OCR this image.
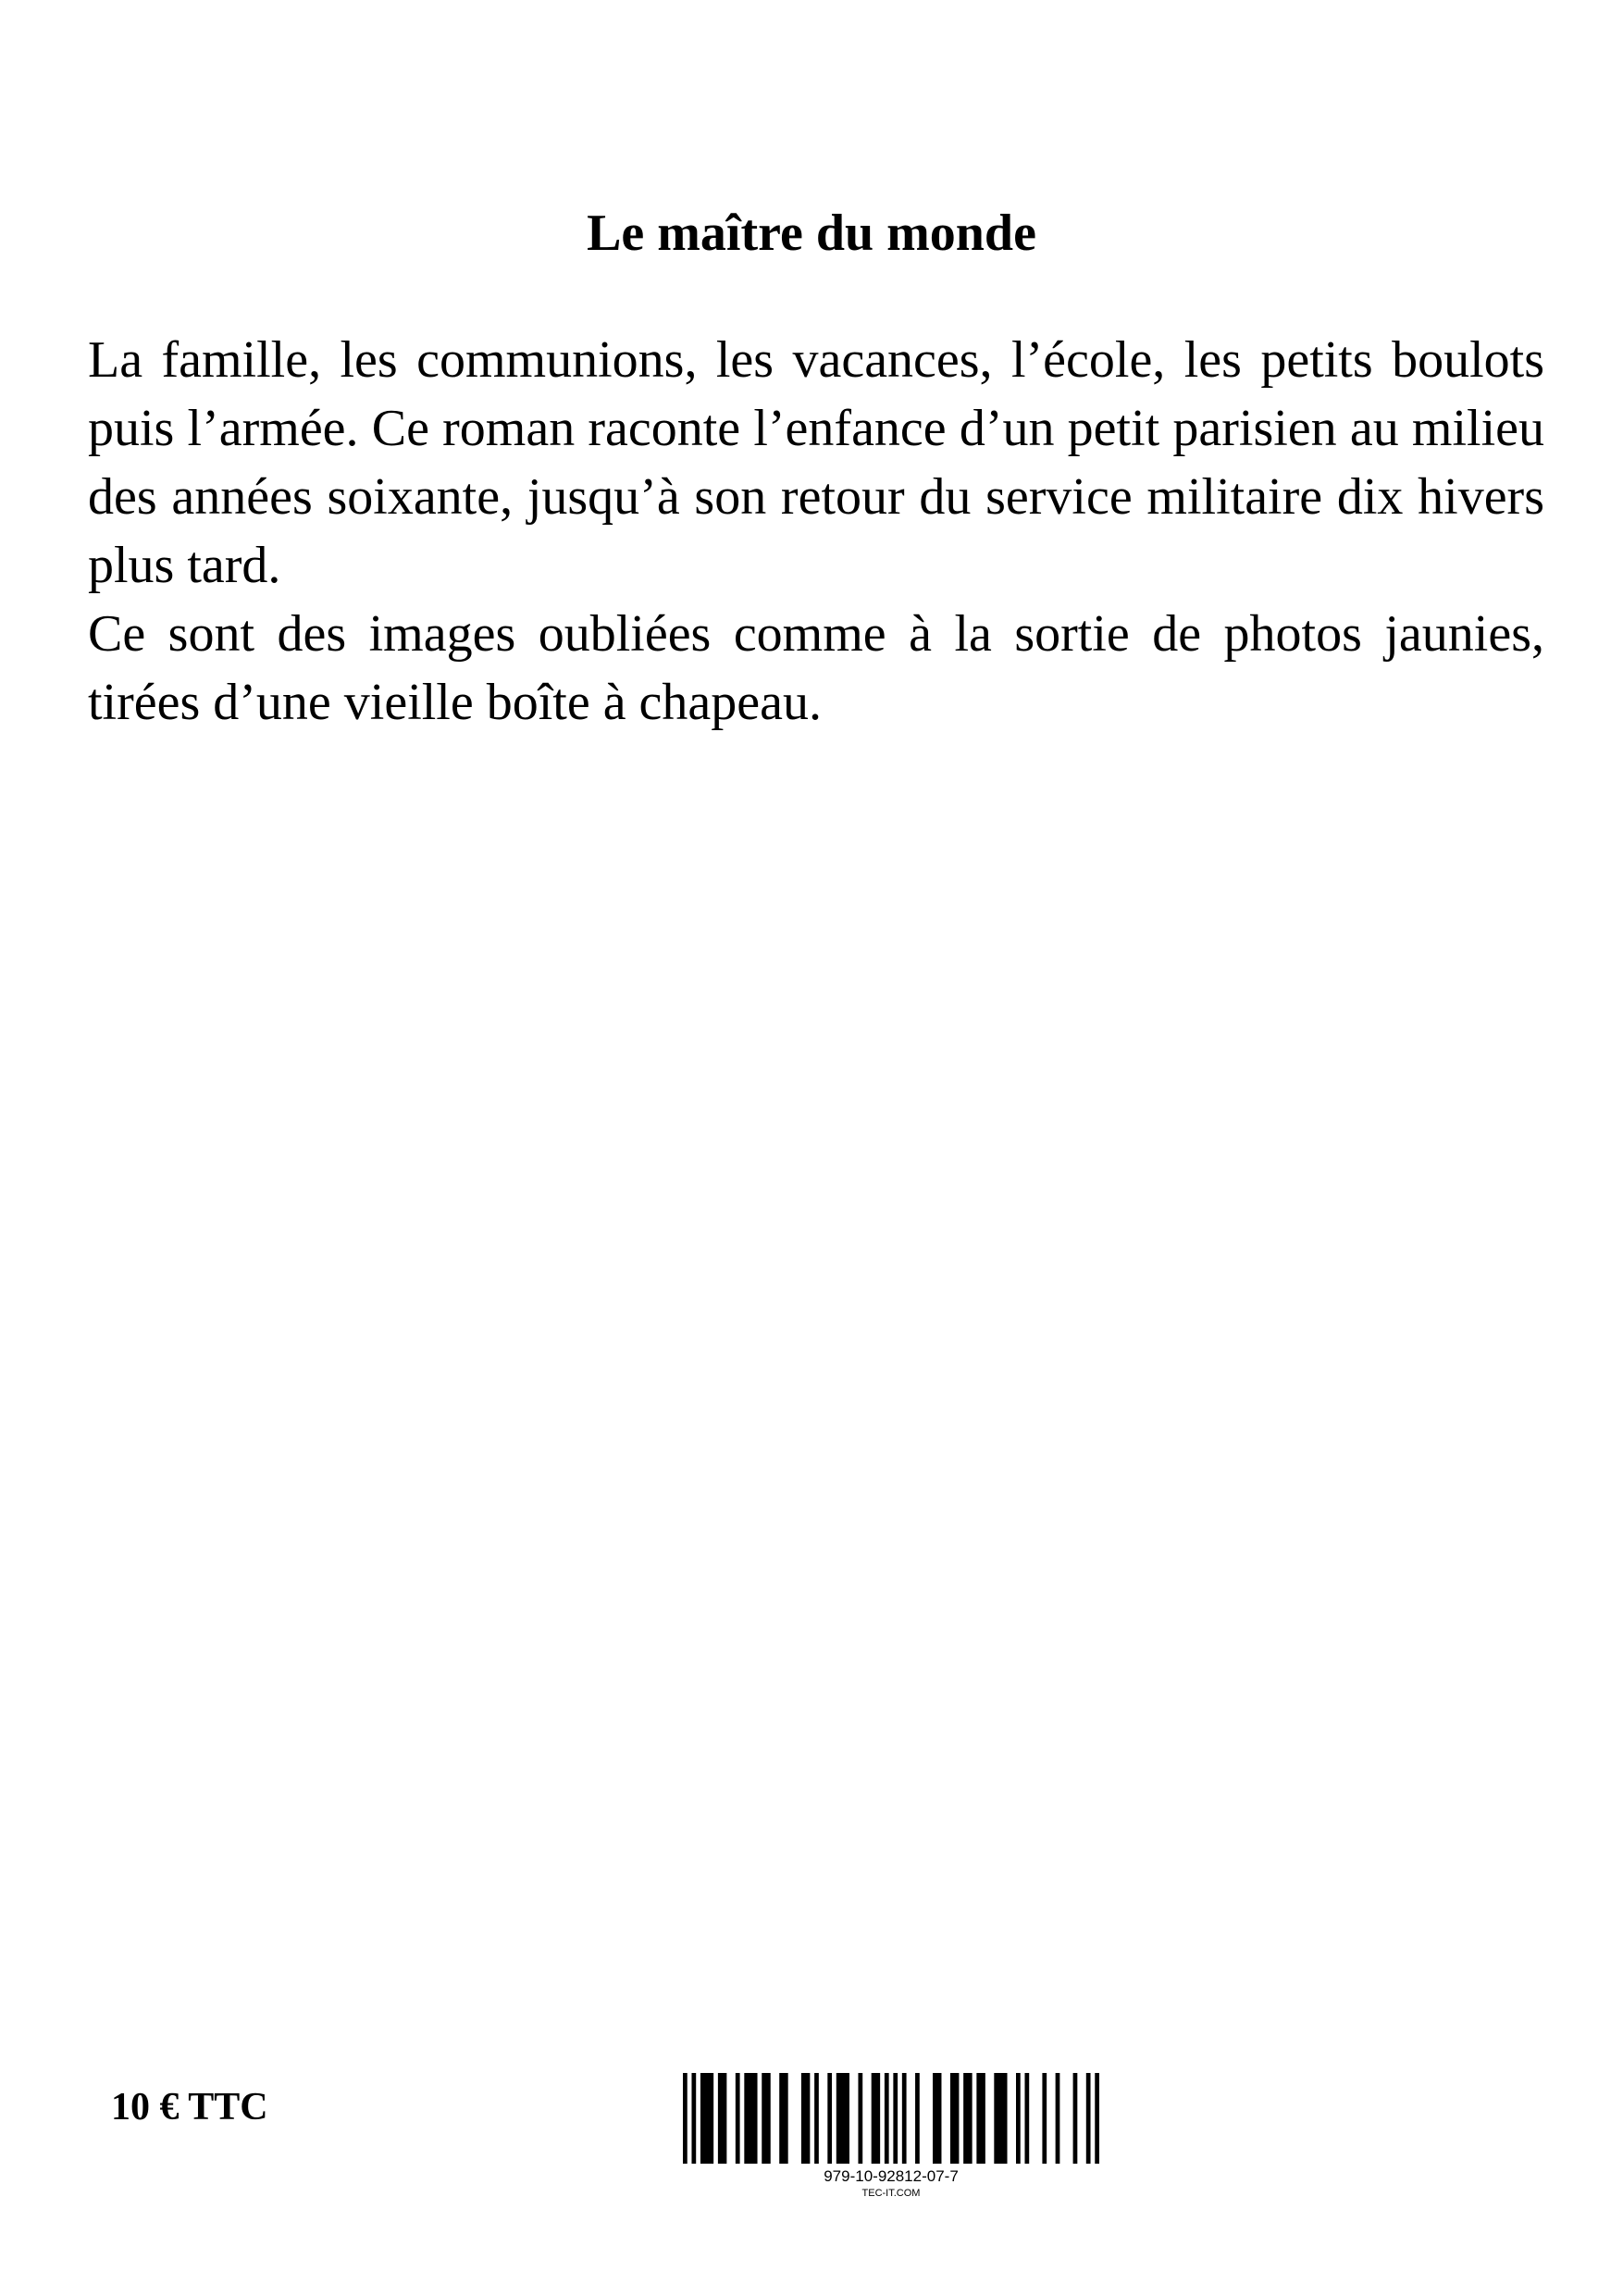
Le maître du monde

La famille, les communions, les vacances, l’école, les petits boulots puis l’armée. Ce roman raconte l’enfance d’un petit parisien au milieu des années soixante, jusqu’à son retour du service militaire dix hivers plus tard.

Ce sont des images oubliées comme à la sortie de photos jaunies, tirées d’une vieille boîte à chapeau.

10 € TTC
979-10-92812-07-7
TEC-IT.COM
